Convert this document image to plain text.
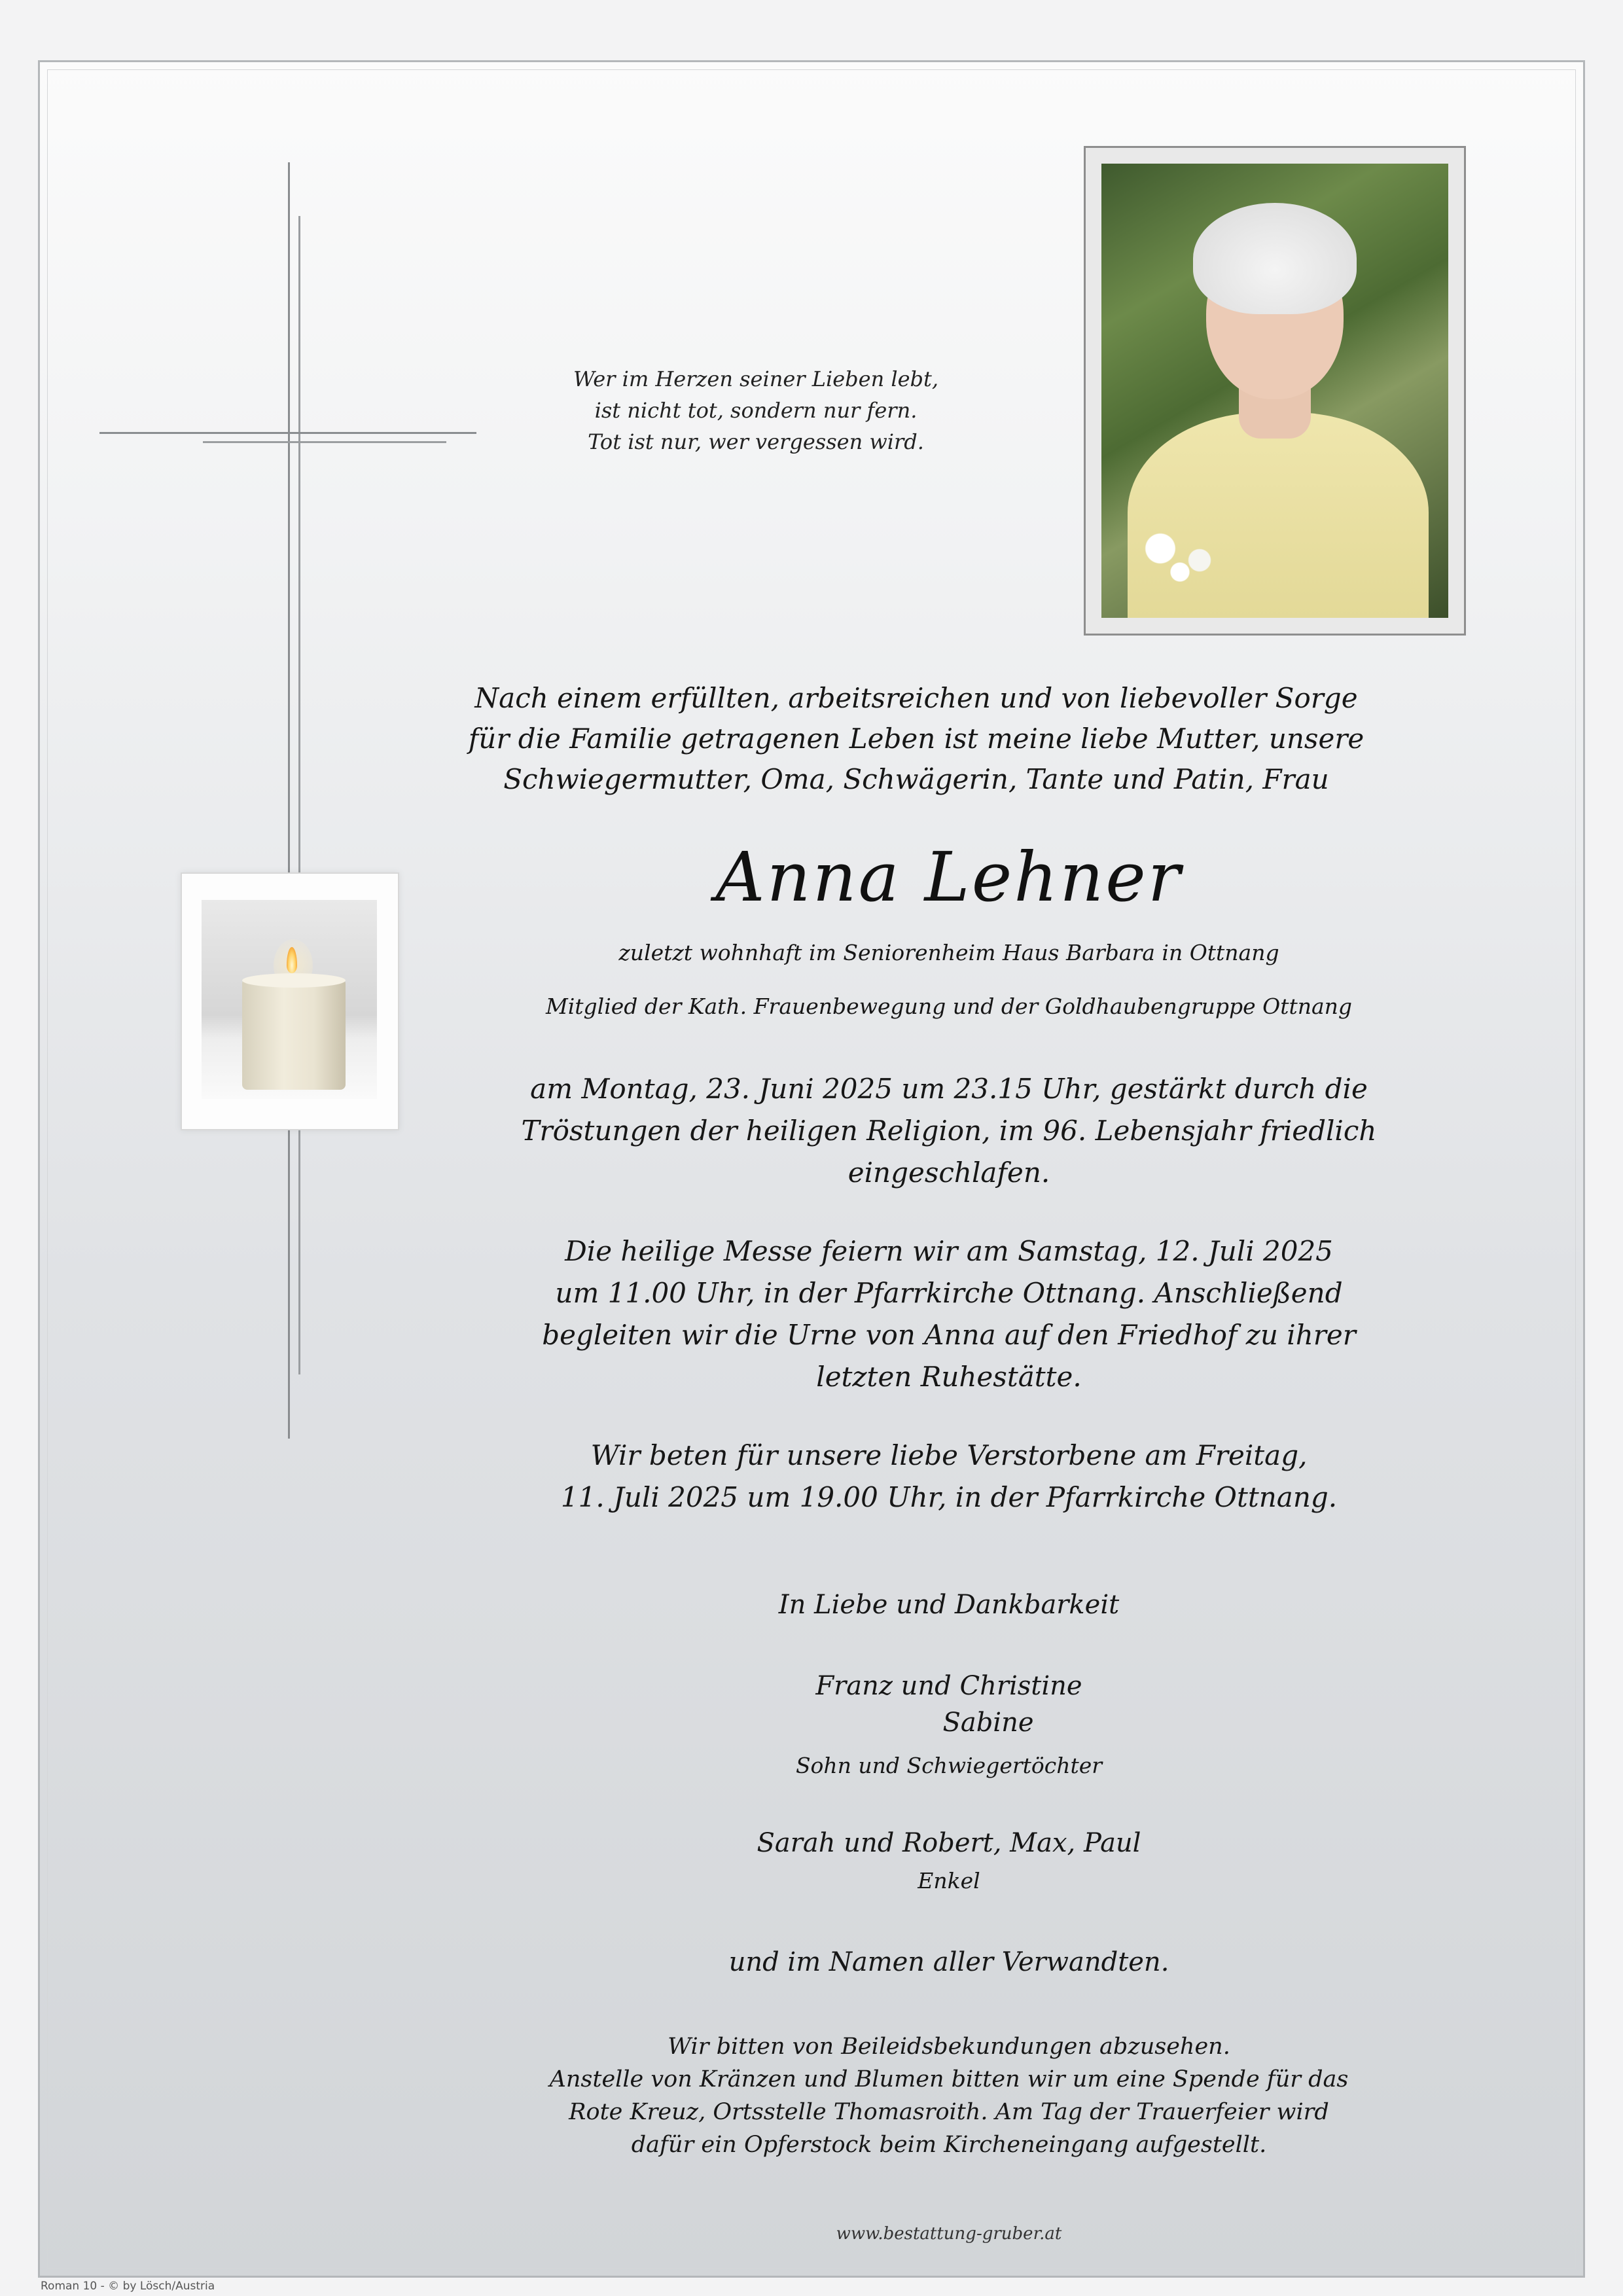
Wer im Herzen seiner Lieben lebt,
ist nicht tot, sondern nur fern.
Tot ist nur, wer vergessen wird.
Nach einem erfüllten, arbeitsreichen und von liebevoller Sorge
für die Familie getragenen Leben ist meine liebe Mutter, unsere
Schwiegermutter, Oma, Schwägerin, Tante und Patin, Frau
Anna Lehner
zuletzt wohnhaft im Seniorenheim Haus Barbara in Ottnang
Mitglied der Kath. Frauenbewegung und der Goldhaubengruppe Ottnang
am Montag, 23. Juni 2025 um 23.15 Uhr, gestärkt durch die
Tröstungen der heiligen Religion, im 96. Lebensjahr friedlich
eingeschlafen.
Die heilige Messe feiern wir am Samstag, 12. Juli 2025
um 11.00 Uhr, in der Pfarrkirche Ottnang. Anschließend
begleiten wir die Urne von Anna auf den Friedhof zu ihrer
letzten Ruhestätte.
Wir beten für unsere liebe Verstorbene am Freitag,
11. Juli 2025 um 19.00 Uhr, in der Pfarrkirche Ottnang.
In Liebe und Dankbarkeit
Franz und Christine
Sabine
Sohn und Schwiegertöchter
Sarah und Robert, Max, Paul
Enkel
und im Namen aller Verwandten.
Wir bitten von Beileidsbekundungen abzusehen.
Anstelle von Kränzen und Blumen bitten wir um eine Spende für das
Rote Kreuz, Ortsstelle Thomasroith. Am Tag der Trauerfeier wird
dafür ein Opferstock beim Kircheneingang aufgestellt.
www.bestattung-gruber.at
Roman 10 - © by Lösch/Austria
